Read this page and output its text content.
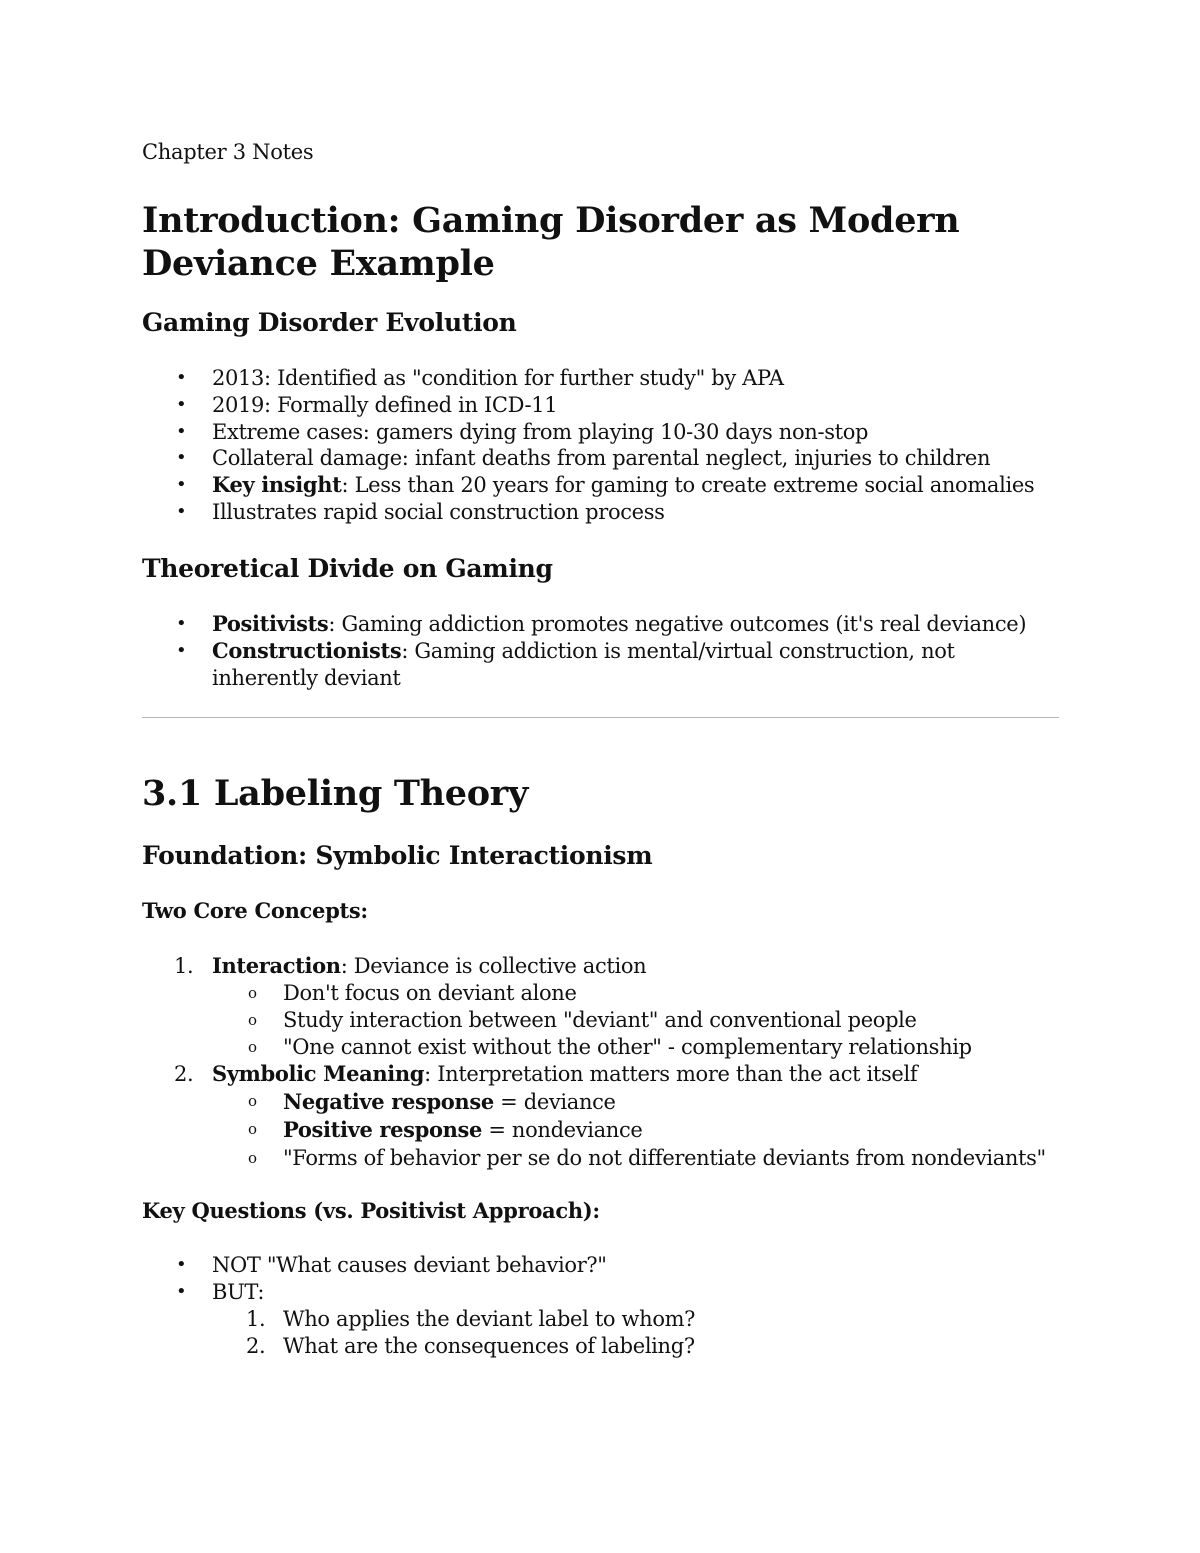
Chapter 3 Notes
Introduction: Gaming Disorder as Modern Deviance Example
Gaming Disorder Evolution
•	2013: Identified as "condition for further study" by APA
•	2019: Formally defined in ICD-11
•	Extreme cases: gamers dying from playing 10-30 days non-stop
•	Collateral damage: infant deaths from parental neglect, injuries to children
•	Key insight: Less than 20 years for gaming to create extreme social anomalies
•	Illustrates rapid social construction process
Theoretical Divide on Gaming
•	Positivists: Gaming addiction promotes negative outcomes (it's real deviance)
•	Constructionists: Gaming addiction is mental/virtual construction, not inherently deviant
3.1 Labeling Theory
Foundation: Symbolic Interactionism
Two Core Concepts:
1. Interaction: Deviance is collective action
o Don't focus on deviant alone
o Study interaction between "deviant" and conventional people
o "One cannot exist without the other" - complementary relationship
2. Symbolic Meaning: Interpretation matters more than the act itself
o Negative response = deviance
o Positive response = nondeviance
o "Forms of behavior per se do not differentiate deviants from nondeviants"
Key Questions (vs. Positivist Approach):
•	NOT "What causes deviant behavior?"
•	BUT:
1. Who applies the deviant label to whom?
2. What are the consequences of labeling?
